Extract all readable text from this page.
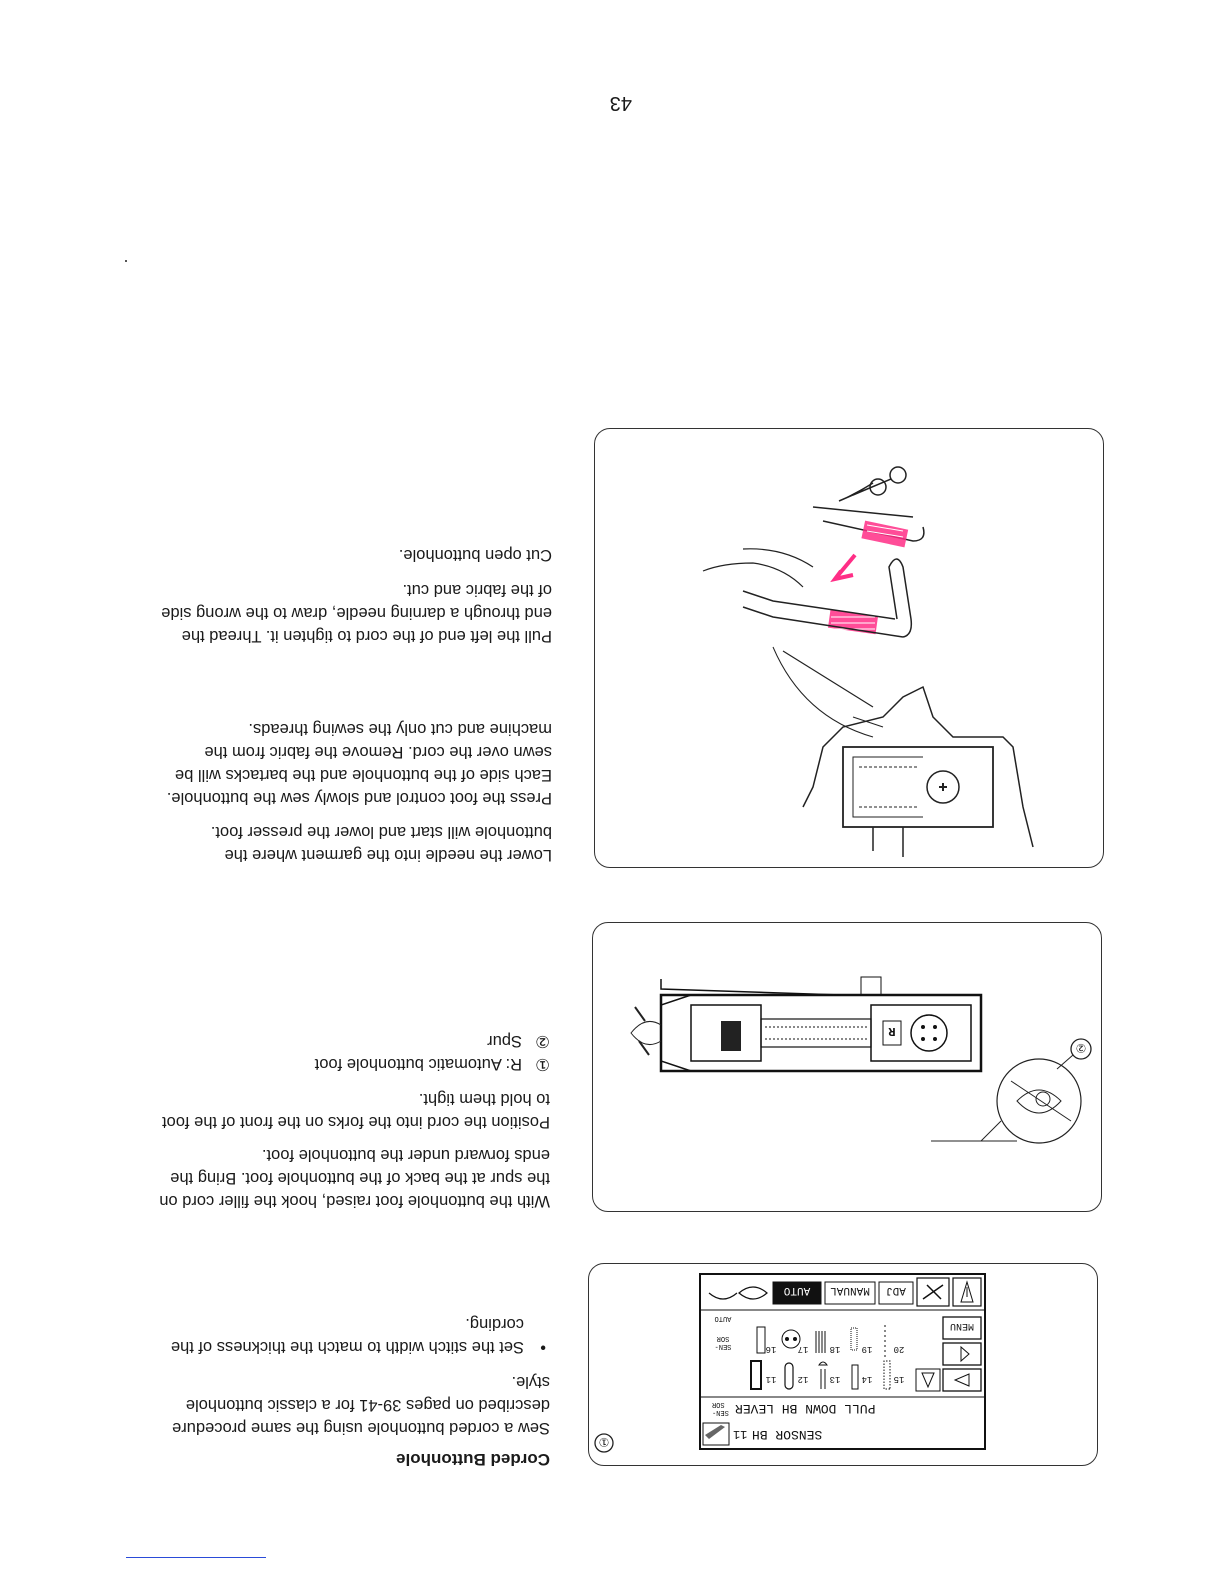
Corded Buttonhole
Sew a corded buttonhole using the same procedure
described on pages 39-41 for a classic buttonhole
style.
•
Set the stitch width to match the thickness of the
cording.
①	11 SENSOR BH
SEN-
SOR PULL DOWN BH LEVER
MENU
15
14
13
12
11
20
19
18
17
16
SEN-
SOR
AUTO
ADJ
MANUAL
AUTO
With the buttonhole foot raised, hook the filler cord on
the spur at the back of the buttonhole foot. Bring the
ends forward under the buttonhole foot.
Position the cord into the forks on the front of the foot
to hold them tight.
①
R: Automatic buttonhole foot
②
Spur	②
R
Lower the needle into the garment where the
buttonhole will start and lower the presser foot.
Press the foot control and slowly sew the buttonhole.
Each side of the buttonhole and the bartacks will be
sewn over the cord. Remove the fabric from the
machine and cut only the sewing threads.
Pull the left end of the cord to tighten it. Thread the
end through a darning needle, draw to the wrong side
of the fabric and cut.
Cut open buttonhole.
43
